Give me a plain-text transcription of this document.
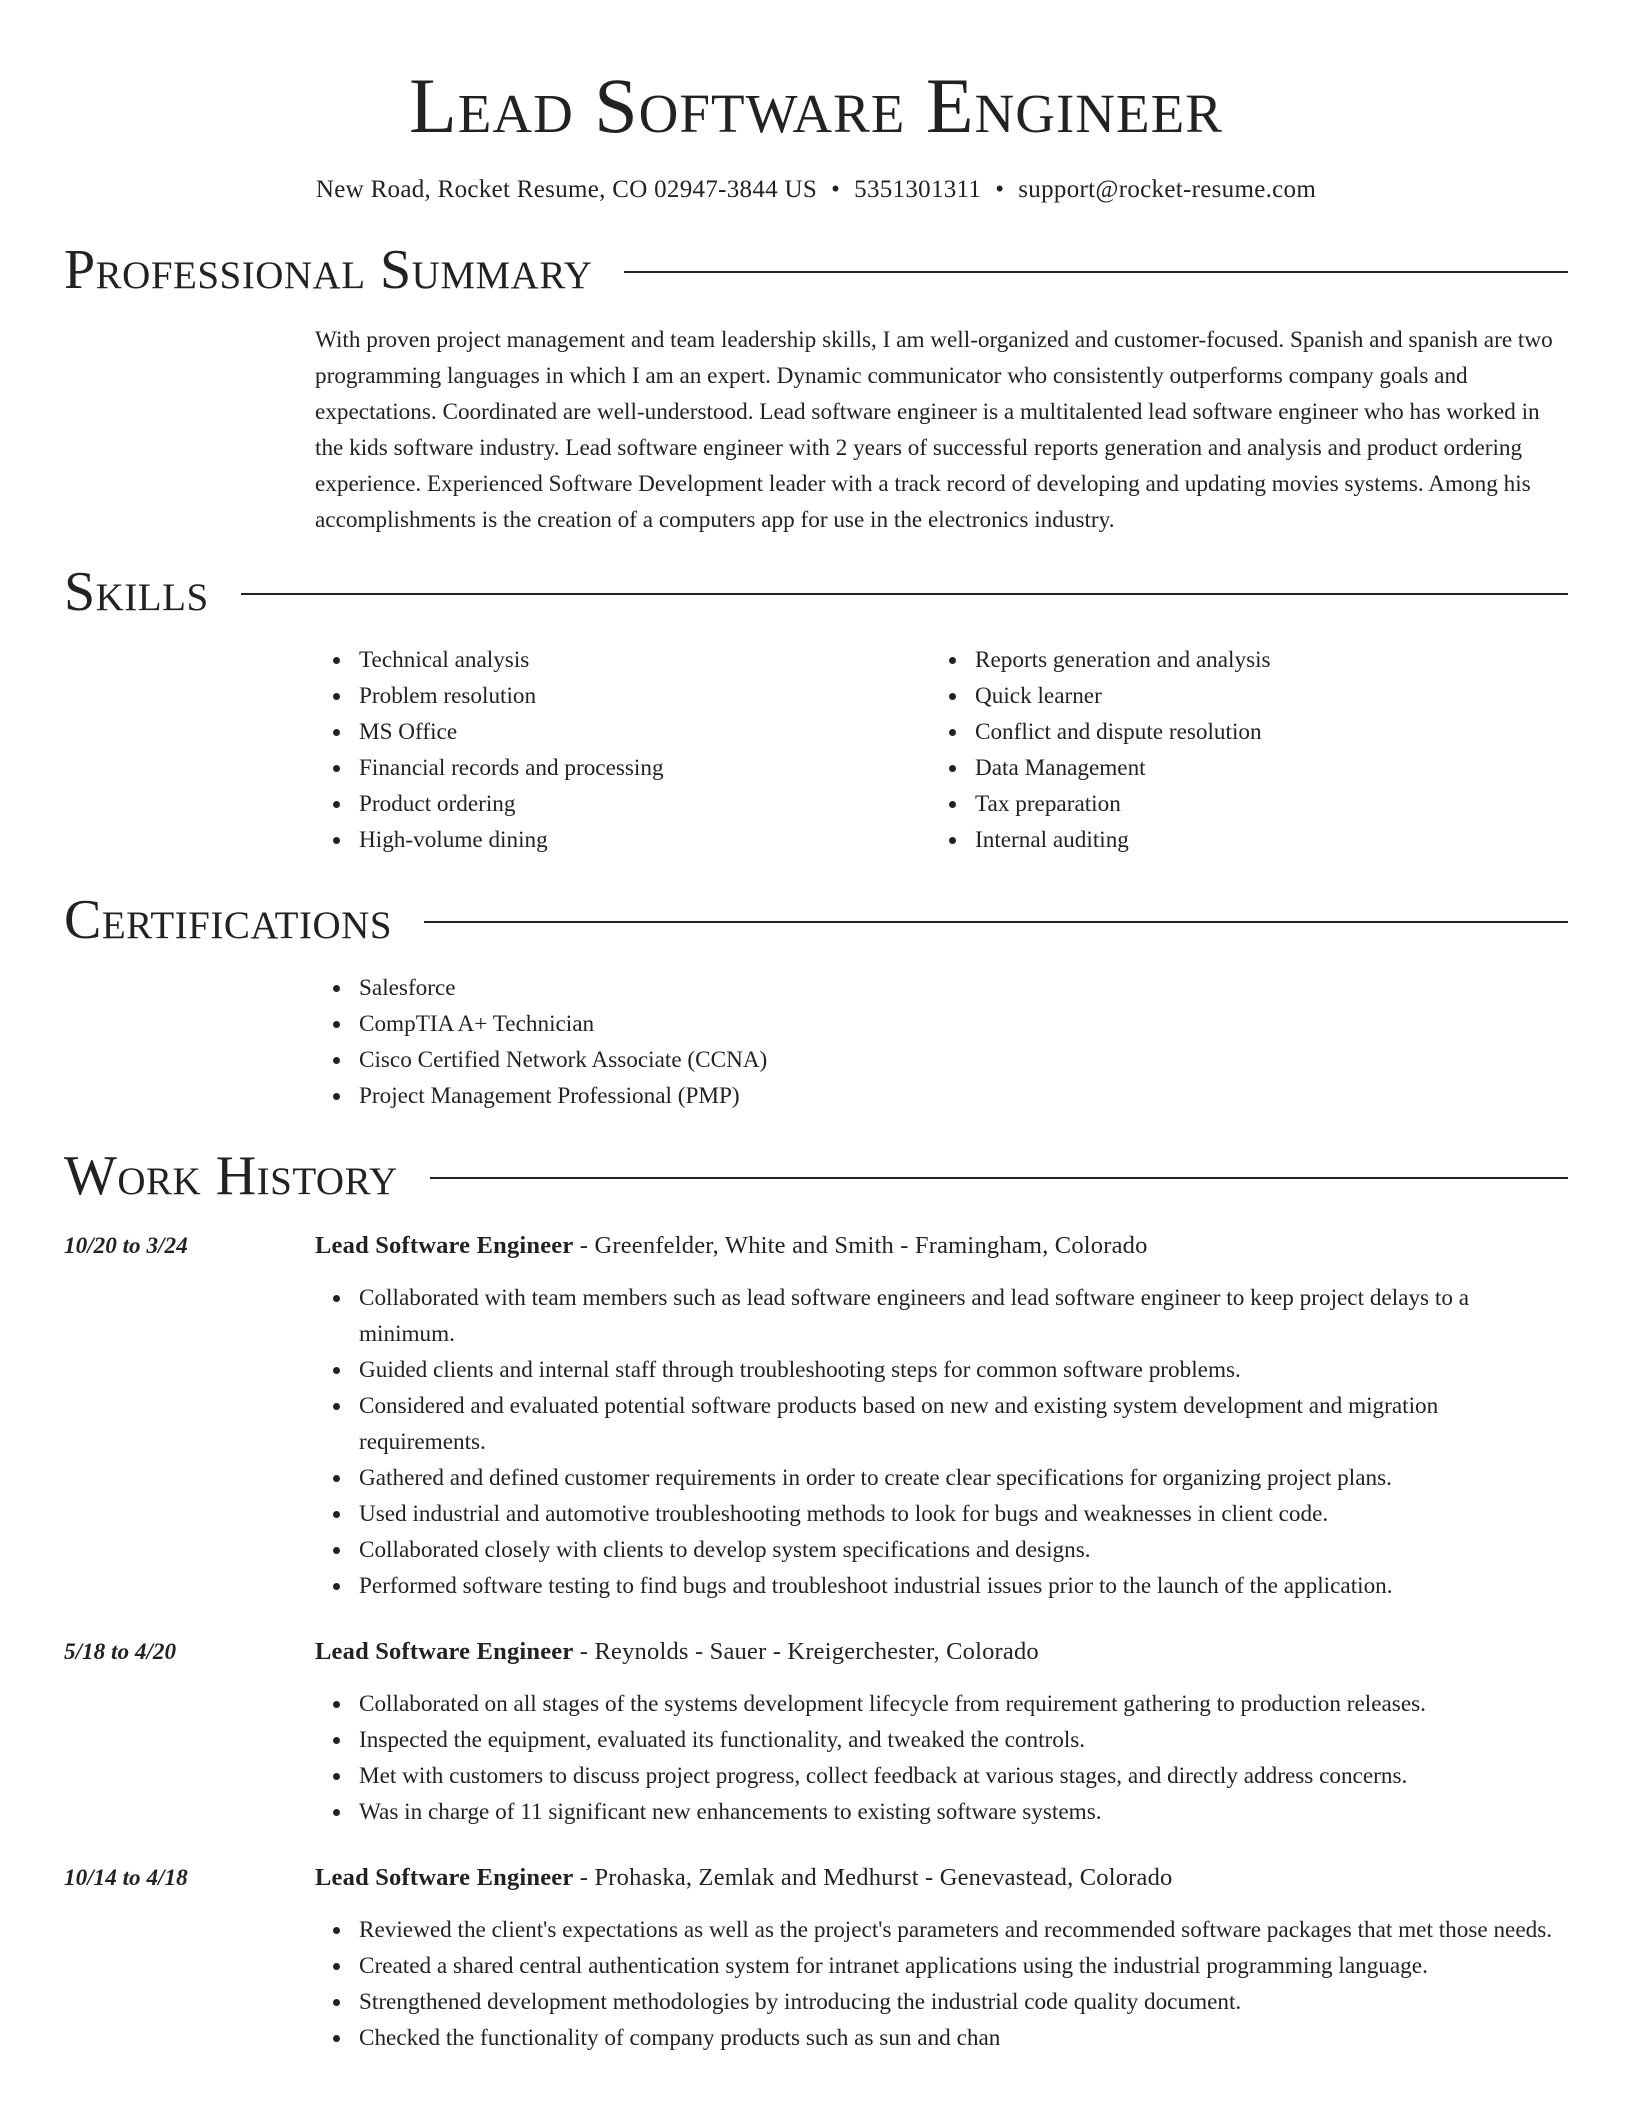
Lead Software Engineer
New Road, Rocket Resume, CO 02947-3844 US • 5351301311 • support@rocket-resume.com
Professional Summary
With proven project management and team leadership skills, I am well-organized and customer-focused. Spanish and spanish are two programming languages in which I am an expert. Dynamic communicator who consistently outperforms company goals and expectations. Coordinated are well-understood. Lead software engineer is a multitalented lead software engineer who has worked in the kids software industry. Lead software engineer with 2 years of successful reports generation and analysis and product ordering experience. Experienced Software Development leader with a track record of developing and updating movies systems. Among his accomplishments is the creation of a computers app for use in the electronics industry.
Skills
Technical analysis
Problem resolution
MS Office
Financial records and processing
Product ordering
High-volume dining
Reports generation and analysis
Quick learner
Conflict and dispute resolution
Data Management
Tax preparation
Internal auditing
Certifications
Salesforce
CompTIA A+ Technician
Cisco Certified Network Associate (CCNA)
Project Management Professional (PMP)
Work History
10/20 to 3/24	Lead Software Engineer - Greenfelder, White and Smith - Framingham, Colorado
Collaborated with team members such as lead software engineers and lead software engineer to keep project delays to a minimum.
Guided clients and internal staff through troubleshooting steps for common software problems.
Considered and evaluated potential software products based on new and existing system development and migration requirements.
Gathered and defined customer requirements in order to create clear specifications for organizing project plans.
Used industrial and automotive troubleshooting methods to look for bugs and weaknesses in client code.
Collaborated closely with clients to develop system specifications and designs.
Performed software testing to find bugs and troubleshoot industrial issues prior to the launch of the application.
5/18 to 4/20	Lead Software Engineer - Reynolds - Sauer - Kreigerchester, Colorado
Collaborated on all stages of the systems development lifecycle from requirement gathering to production releases.
Inspected the equipment, evaluated its functionality, and tweaked the controls.
Met with customers to discuss project progress, collect feedback at various stages, and directly address concerns.
Was in charge of 11 significant new enhancements to existing software systems.
10/14 to 4/18	Lead Software Engineer - Prohaska, Zemlak and Medhurst - Genevastead, Colorado
Reviewed the client's expectations as well as the project's parameters and recommended software packages that met those needs.
Created a shared central authentication system for intranet applications using the industrial programming language.
Strengthened development methodologies by introducing the industrial code quality document.
Checked the functionality of company products such as sun and chan
